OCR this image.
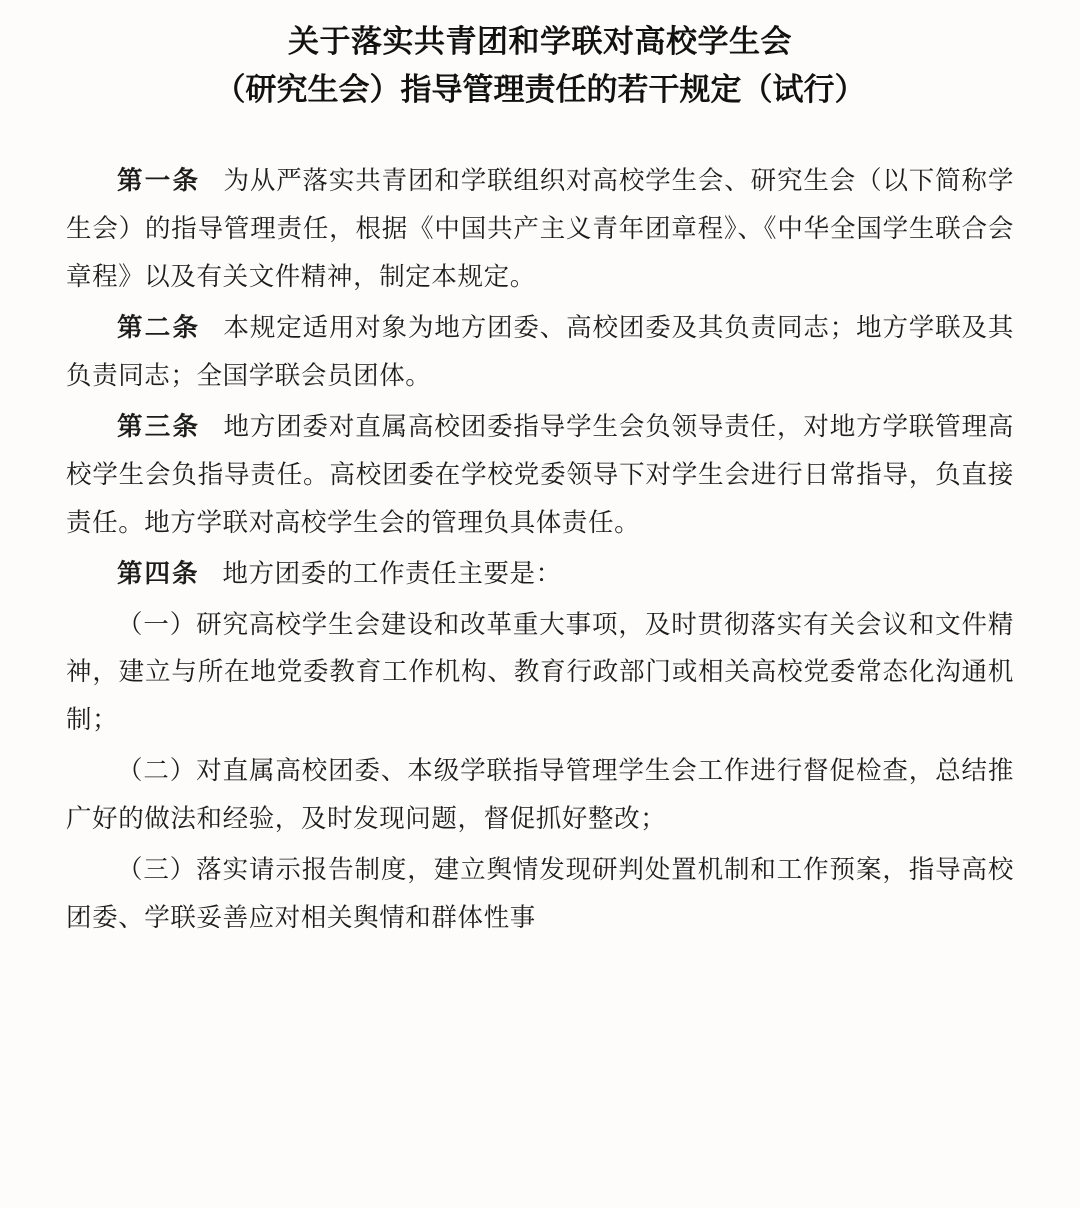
关于落实共青团和学联对高校学生会
（研究生会）指导管理责任的若干规定（试行）

第一条 为从严落实共青团和学联组织对高校学生会、研究生会（以下简称学生会）的指导管理责任，根据《中国共产主义青年团章程》、《中华全国学生联合会章程》以及有关文件精神，制定本规定。

第二条 本规定适用对象为地方团委、高校团委及其负责同志；地方学联及其负责同志；全国学联会员团体。

第三条 地方团委对直属高校团委指导学生会负领导责任，对地方学联管理高校学生会负指导责任。高校团委在学校党委领导下对学生会进行日常指导，负直接责任。地方学联对高校学生会的管理负具体责任。

第四条 地方团委的工作责任主要是：

（一）研究高校学生会建设和改革重大事项，及时贯彻落实有关会议和文件精神，建立与所在地党委教育工作机构、教育行政部门或相关高校党委常态化沟通机制；

（二）对直属高校团委、本级学联指导管理学生会工作进行督促检查，总结推广好的做法和经验，及时发现问题，督促抓好整改；

（三）落实请示报告制度，建立舆情发现研判处置机制和工作预案，指导高校团委、学联妥善应对相关舆情和群体性事
